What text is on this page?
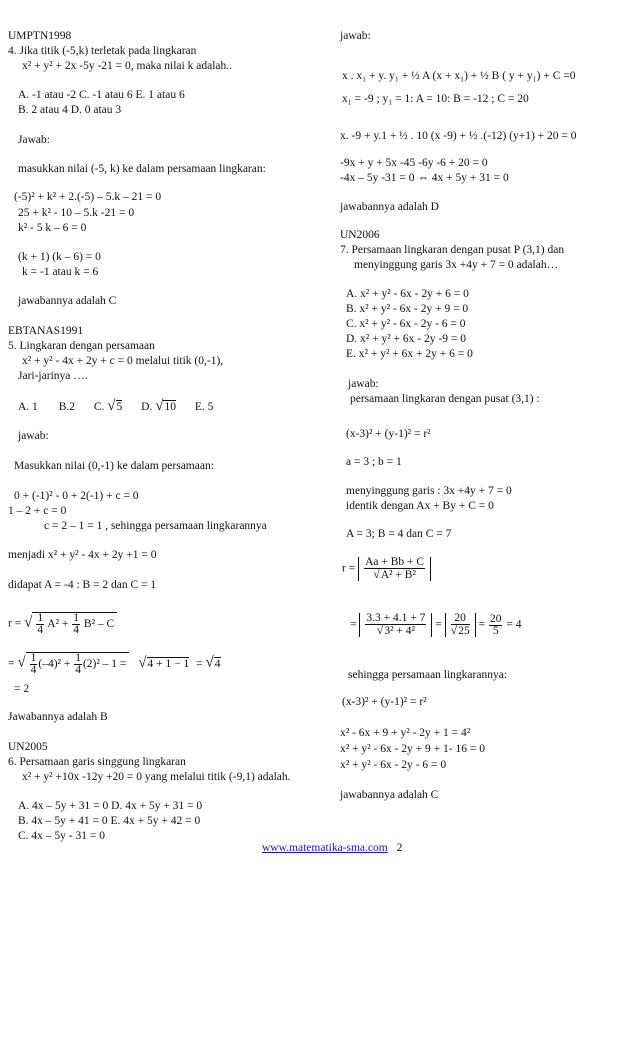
UMPTN1998
4. Jika titik (-5,k) terletak pada lingkaran
x² + y² + 2x -5y -21 = 0, maka nilai k adalah..
A. -1 atau -2 C. -1 atau 6 E. 1 atau 6
B. 2 atau 4 D. 0 atau 3
Jawab:
masukkan nilai (-5, k) ke dalam persamaan lingkaran:
(-5)² + k² + 2.(-5) – 5.k – 21 = 0
25 + k² - 10 – 5.k -21 = 0
k² - 5 k – 6 = 0
(k + 1) (k – 6) = 0
k = -1 atau k = 6
jawabannya adalah C
EBTANAS1991
5. Lingkaran dengan persamaan
x² + y² - 4x + 2y + c = 0 melalui titik (0,-1),
Jari-jarinya ….
A. 1 B.2 C. √5 D. √10 E. 5
jawab:
Masukkan nilai (0,-1) ke dalam persamaan:
0 + (-1)² - 0 + 2(-1) + c = 0
1 – 2 + c = 0
c = 2 – 1 = 1 , sehingga persamaan lingkarannya
menjadi x² + y² - 4x + 2y +1 = 0
didapat A = -4 : B = 2 dan C = 1
r = √ $\frac{1}{4} A^2 + \frac{1}{4} B^2 - C$
= √ $\frac{1}{4} (-4)^2 + \frac{1}{4} (2)^2 - 1 = √4 + 1 - 1 = √4$
= 2
Jawabannya adalah B
UN2005
6. Persamaan garis singgung lingkaran
x² + y² +10x -12y +20 = 0 yang melalui titik (-9,1) adalah.
A. 4x – 5y + 31 = 0 D. 4x + 5y + 31 = 0
B. 4x – 5y + 41 = 0 E. 4x + 5y + 42 = 0
C. 4x – 5y - 31 = 0
jawab:
x . x₁ + y. y₁ + ½ A (x + x₁) + ½ B ( y + y₁) + C =0
x₁ = -9 ; y₁ = 1: A = 10: B = -12 ; C = 20
x. -9 + y.1 + ½ . 10 (x -9) + ½ .(-12) (y+1) + 20 = 0
-9x + y + 5x -45 -6y -6 + 20 = 0
-4x – 5y -31 = 0 ⇔ 4x + 5y + 31 = 0
jawabannya adalah D
UN2006
7. Persamaan lingkaran dengan pusat P (3,1) dan
menyinggung garis 3x +4y + 7 = 0 adalah…
A. x² + y² - 6x - 2y + 6 = 0
B. x² + y² - 6x - 2y + 9 = 0
C. x² + y² - 6x - 2y - 6 = 0
D. x² + y² + 6x - 2y -9 = 0
E. x² + y² + 6x + 2y + 6 = 0
jawab:
persamaan lingkaran dengan pusat (3,1) :
(x-3)² + (y-1)² = r²
a = 3 ; b = 1
menyinggung garis : 3x +4y + 7 = 0
identik dengan Ax + By + C = 0
A = 3; B = 4 dan C = 7
$r = \frac{Aa + Bb + C}{\text{√A² + B²}}$
= $\frac{3.3 + 4.1 + 7}{\text{√3² + 4²}} = \frac{20}{√25} = \frac{20}{5} = 4$
sehingga persamaan lingkarannya:
(x-3)² + (y-1)² = r²
x² - 6x + 9 + y² - 2y + 1 = 4²
x² + y² - 6x - 2y + 9 + 1- 16 = 0
x² + y² - 6x - 2y - 6 = 0
jawabannya adalah C
www.matematika-sma.com 2
